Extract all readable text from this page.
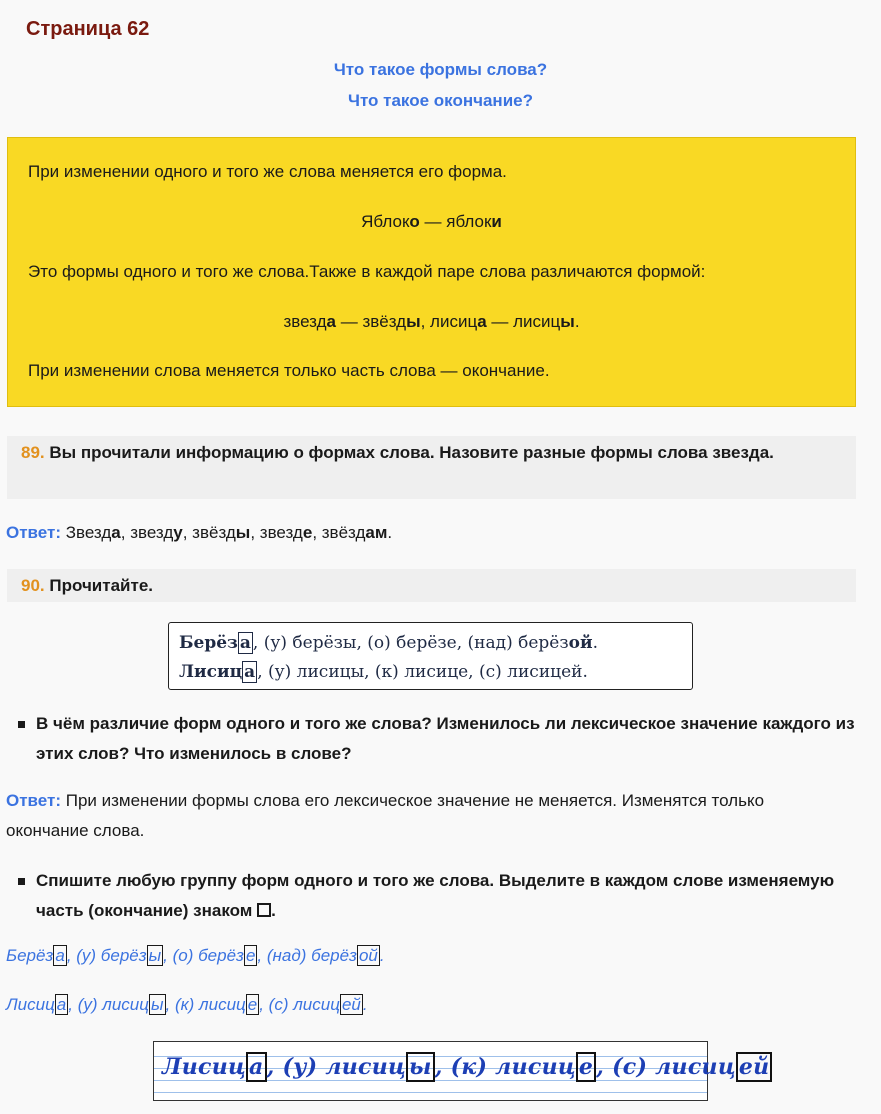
Страница 62
Что такое формы слова?
Что такое окончание?
При изменении одного и того же слова меняется его форма.
Яблоко — яблоки
Это формы одного и того же слова.Также в каждой паре слова различаются формой:
звезда — звёзды, лисица — лисицы.
При изменении слова меняется только часть слова — окончание.
89. Вы прочитали информацию о формах слова. Назовите разные формы слова звезда.
Ответ: Звезда, звезду, звёзды, звезде, звёздам.
90. Прочитайте.
Берёз а , (у) берёзы, (о) берёзе, (над) берёзой.
Лисиц а , (у) лисицы, (к) лисице, (с) лисицей.
В чём различие форм одного и того же слова? Изменилось ли лексическое значение каждого из этих слов? Что изменилось в слове?
Ответ: При изменении формы слова его лексическое значение не меняется. Изменятся только окончание слова.
Спишите любую группу форм одного и того же слова. Выделите в каждом слове изменяемую часть (окончание) знаком .
Берёз а , (у) берёз ы , (о) берёз е , (над) берёз ой .
Лисиц а , (у) лисиц ы , (к) лисиц е , (с) лисиц ей .
Лисиц а , (у) лисиц ы , (к) лисиц е , (с) лисиц ей
